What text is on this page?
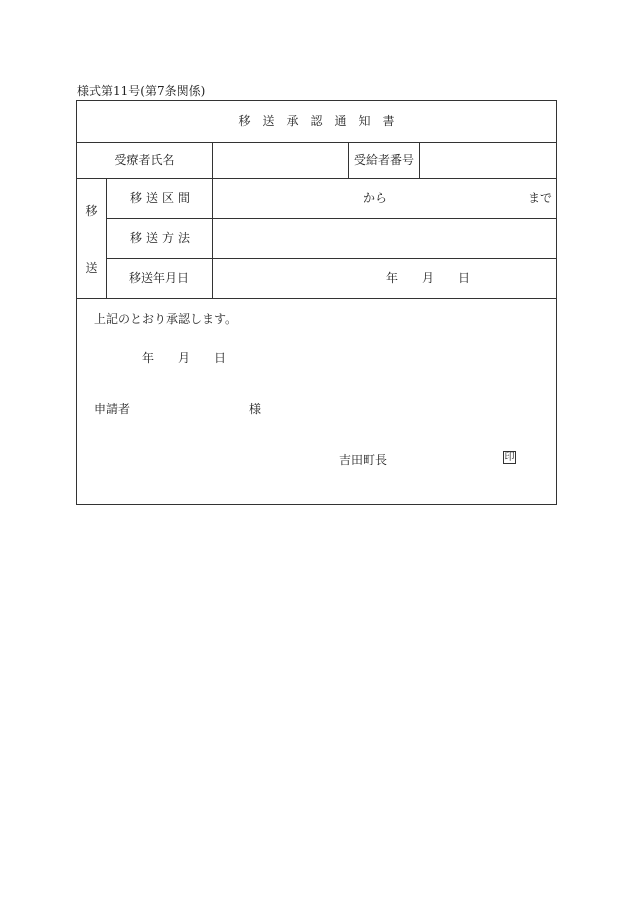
様式第11号(第7条関係)
移送承認通知書
受療者氏名	受給者番号
移
送
移送区間	から	まで
移送方法
移送年月日	年 月 日
上記のとおり承認します。
年 月 日
申請者	様
吉田町長	印
